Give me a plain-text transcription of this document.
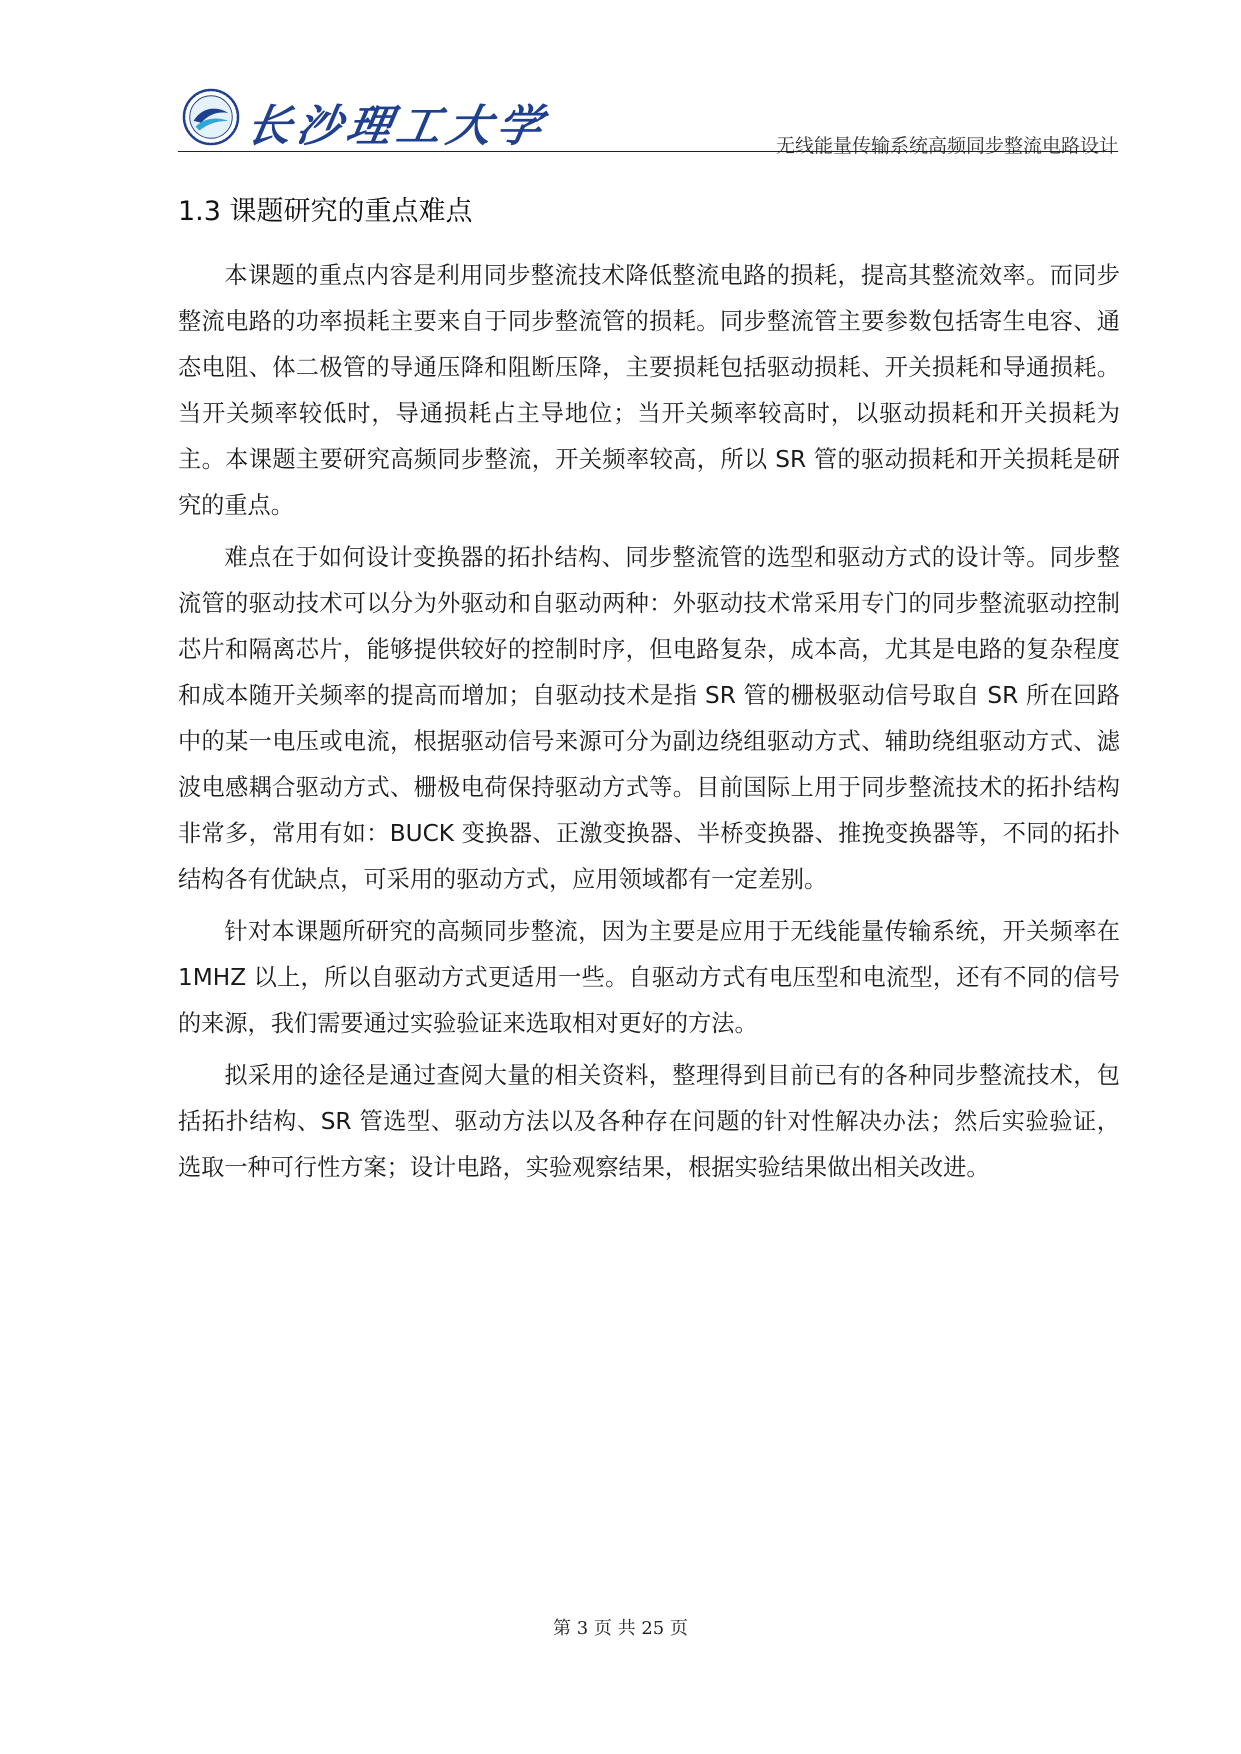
长沙理工大学	无线能量传输系统高频同步整流电路设计
1.3 课题研究的重点难点

本课题的重点内容是利用同步整流技术降低整流电路的损耗，提高其整流效率。而同步整流电路的功率损耗主要来自于同步整流管的损耗。同步整流管主要参数包括寄生电容、通态电阻、体二极管的导通压降和阻断压降，主要损耗包括驱动损耗、开关损耗和导通损耗。当开关频率较低时，导通损耗占主导地位；当开关频率较高时，以驱动损耗和开关损耗为主。本课题主要研究高频同步整流，开关频率较高，所以 SR 管的驱动损耗和开关损耗是研究的重点。

难点在于如何设计变换器的拓扑结构、同步整流管的选型和驱动方式的设计等。同步整流管的驱动技术可以分为外驱动和自驱动两种：外驱动技术常采用专门的同步整流驱动控制芯片和隔离芯片，能够提供较好的控制时序，但电路复杂，成本高，尤其是电路的复杂程度和成本随开关频率的提高而增加；自驱动技术是指 SR 管的栅极驱动信号取自 SR 所在回路中的某一电压或电流，根据驱动信号来源可分为副边绕组驱动方式、辅助绕组驱动方式、滤波电感耦合驱动方式、栅极电荷保持驱动方式等。目前国际上用于同步整流技术的拓扑结构非常多，常用有如：BUCK 变换器、正激变换器、半桥变换器、推挽变换器等，不同的拓扑结构各有优缺点，可采用的驱动方式，应用领域都有一定差别。

针对本课题所研究的高频同步整流，因为主要是应用于无线能量传输系统，开关频率在 1MHZ 以上，所以自驱动方式更适用一些。自驱动方式有电压型和电流型，还有不同的信号的来源，我们需要通过实验验证来选取相对更好的方法。

拟采用的途径是通过查阅大量的相关资料，整理得到目前已有的各种同步整流技术，包括拓扑结构、SR 管选型、驱动方法以及各种存在问题的针对性解决办法；然后实验验证，选取一种可行性方案；设计电路，实验观察结果，根据实验结果做出相关改进。

第 3 页 共 25 页
